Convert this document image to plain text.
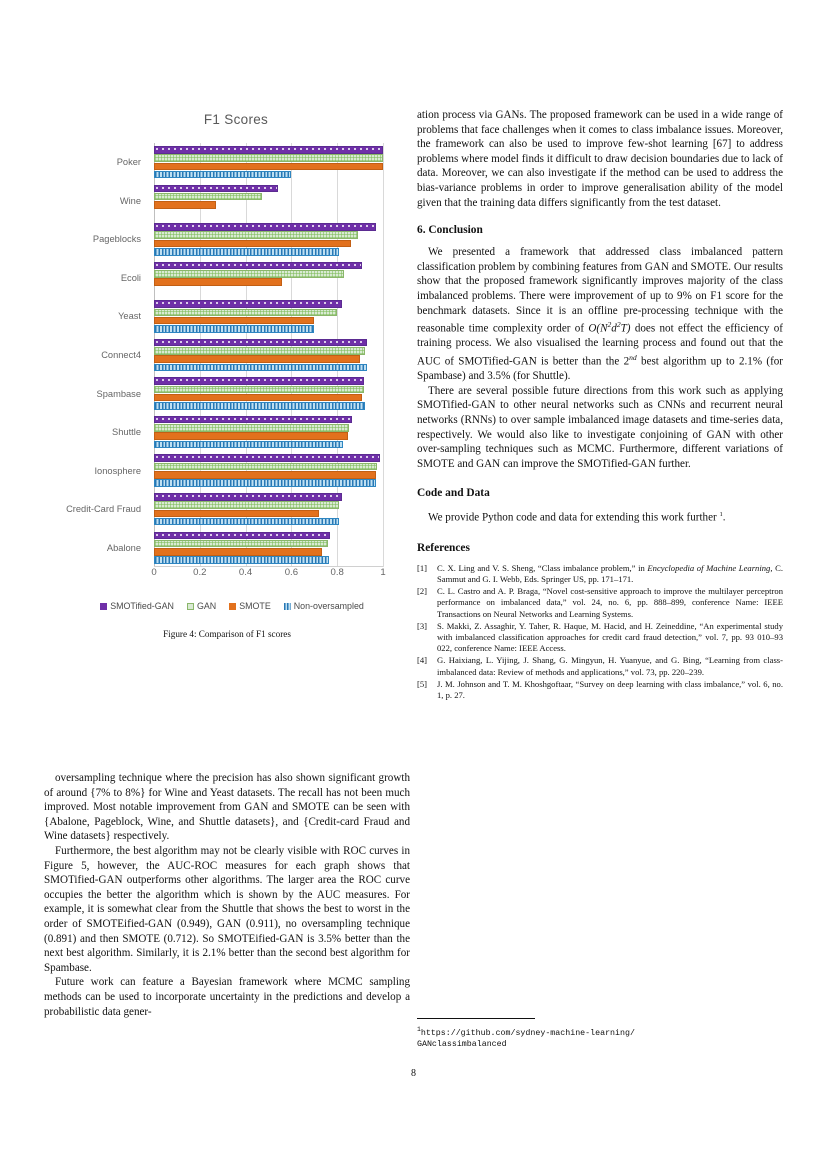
F1 Scores
Poker
Wine
Pageblocks
Ecoli
Yeast
Connect4
Spambase
Shuttle
Ionosphere
Credit-Card Fraud
Abalone
0	0.2	0.4	0.6	0.8	1
SMOTified-GAN	GAN	SMOTE	Non-oversampled
Figure 4: Comparison of F1 scores

oversampling technique where the precision has also shown significant growth of around {7% to 8%} for Wine and Yeast datasets. The recall has not been much improved. Most notable improvement from GAN and SMOTE can be seen with {Abalone, Pageblock, Wine, and Shuttle datasets}, and {Credit-card Fraud and Wine datasets} respectively.

Furthermore, the best algorithm may not be clearly visible with ROC curves in Figure 5, however, the AUC-ROC measures for each graph shows that SMOTified-GAN outperforms other algorithms. The larger area the ROC curve occupies the better the algorithm which is shown by the AUC measures. For example, it is somewhat clear from the Shuttle that shows the best to worst in the order of SMOTEified-GAN (0.949), GAN (0.911), no oversampling technique (0.891) and then SMOTE (0.712). So SMOTEified-GAN is 3.5% better than the next best algorithm. Similarly, it is 2.1% better than the second best algorithm for Spambase.

Future work can feature a Bayesian framework where MCMC sampling methods can be used to incorporate uncertainty in the predictions and develop a probabilistic data gener-

ation process via GANs. The proposed framework can be used in a wide range of problems that face challenges when it comes to class imbalance issues. Moreover, the framework can also be used to improve few-shot learning [67] to address problems where model finds it difficult to draw decision boundaries due to lack of data. Moreover, we can also investigate if the method can be used to address the bias-variance problems in order to improve generalisation ability of the model given that the training data differs significantly from the test dataset.

6. Conclusion

We presented a framework that addressed class imbalanced pattern classification problem by combining features from GAN and SMOTE. Our results show that the proposed framework significantly improves majority of the class imbalanced problems. There were improvement of up to 9% on F1 score for the benchmark datasets. Since it is an offline pre-processing technique with the reasonable time complexity order of $O(N^2d^2T)$ does not effect the efficiency of training process. We also visualised the learning process and found out that the AUC of SMOTified-GAN is better than the 2nd best algorithm up to 2.1% (for Spambase) and 3.5% (for Shuttle).

There are several possible future directions from this work such as applying SMOTified-GAN to other neural networks such as CNNs and recurrent neural networks (RNNs) to over sample imbalanced image datasets and time-series data, respectively. We would also like to investigate conjoining of GAN with other over-sampling techniques such as MCMC. Furthermore, different variations of SMOTE and GAN can improve the SMOTified-GAN further.

Code and Data

We provide Python code and data for extending this work further $^1$.

References
[1]	C. X. Ling and V. S. Sheng, “Class imbalance problem,” in Encyclopedia of Machine Learning, C. Sammut and G. I. Webb, Eds. Springer US, pp. 171–171.
[2]	C. L. Castro and A. P. Braga, “Novel cost-sensitive approach to improve the multilayer perceptron performance on imbalanced data,” vol. 24, no. 6, pp. 888–899, conference Name: IEEE Transactions on Neural Networks and Learning Systems.
[3]	S. Makki, Z. Assaghir, Y. Taher, R. Haque, M. Hacid, and H. Zeineddine, “An experimental study with imbalanced classification approaches for credit card fraud detection,” vol. 7, pp. 93 010–93 022, conference Name: IEEE Access.
[4]	G. Haixiang, L. Yijing, J. Shang, G. Mingyun, H. Yuanyue, and G. Bing, “Learning from class-imbalanced data: Review of methods and applications,” vol. 73, pp. 220–239.
[5]	J. M. Johnson and T. M. Khoshgoftaar, “Survey on deep learning with class imbalance,” vol. 6, no. 1, p. 27.
$^1$https://github.com/sydney-machine-learning/
GANclassimbalanced
8
